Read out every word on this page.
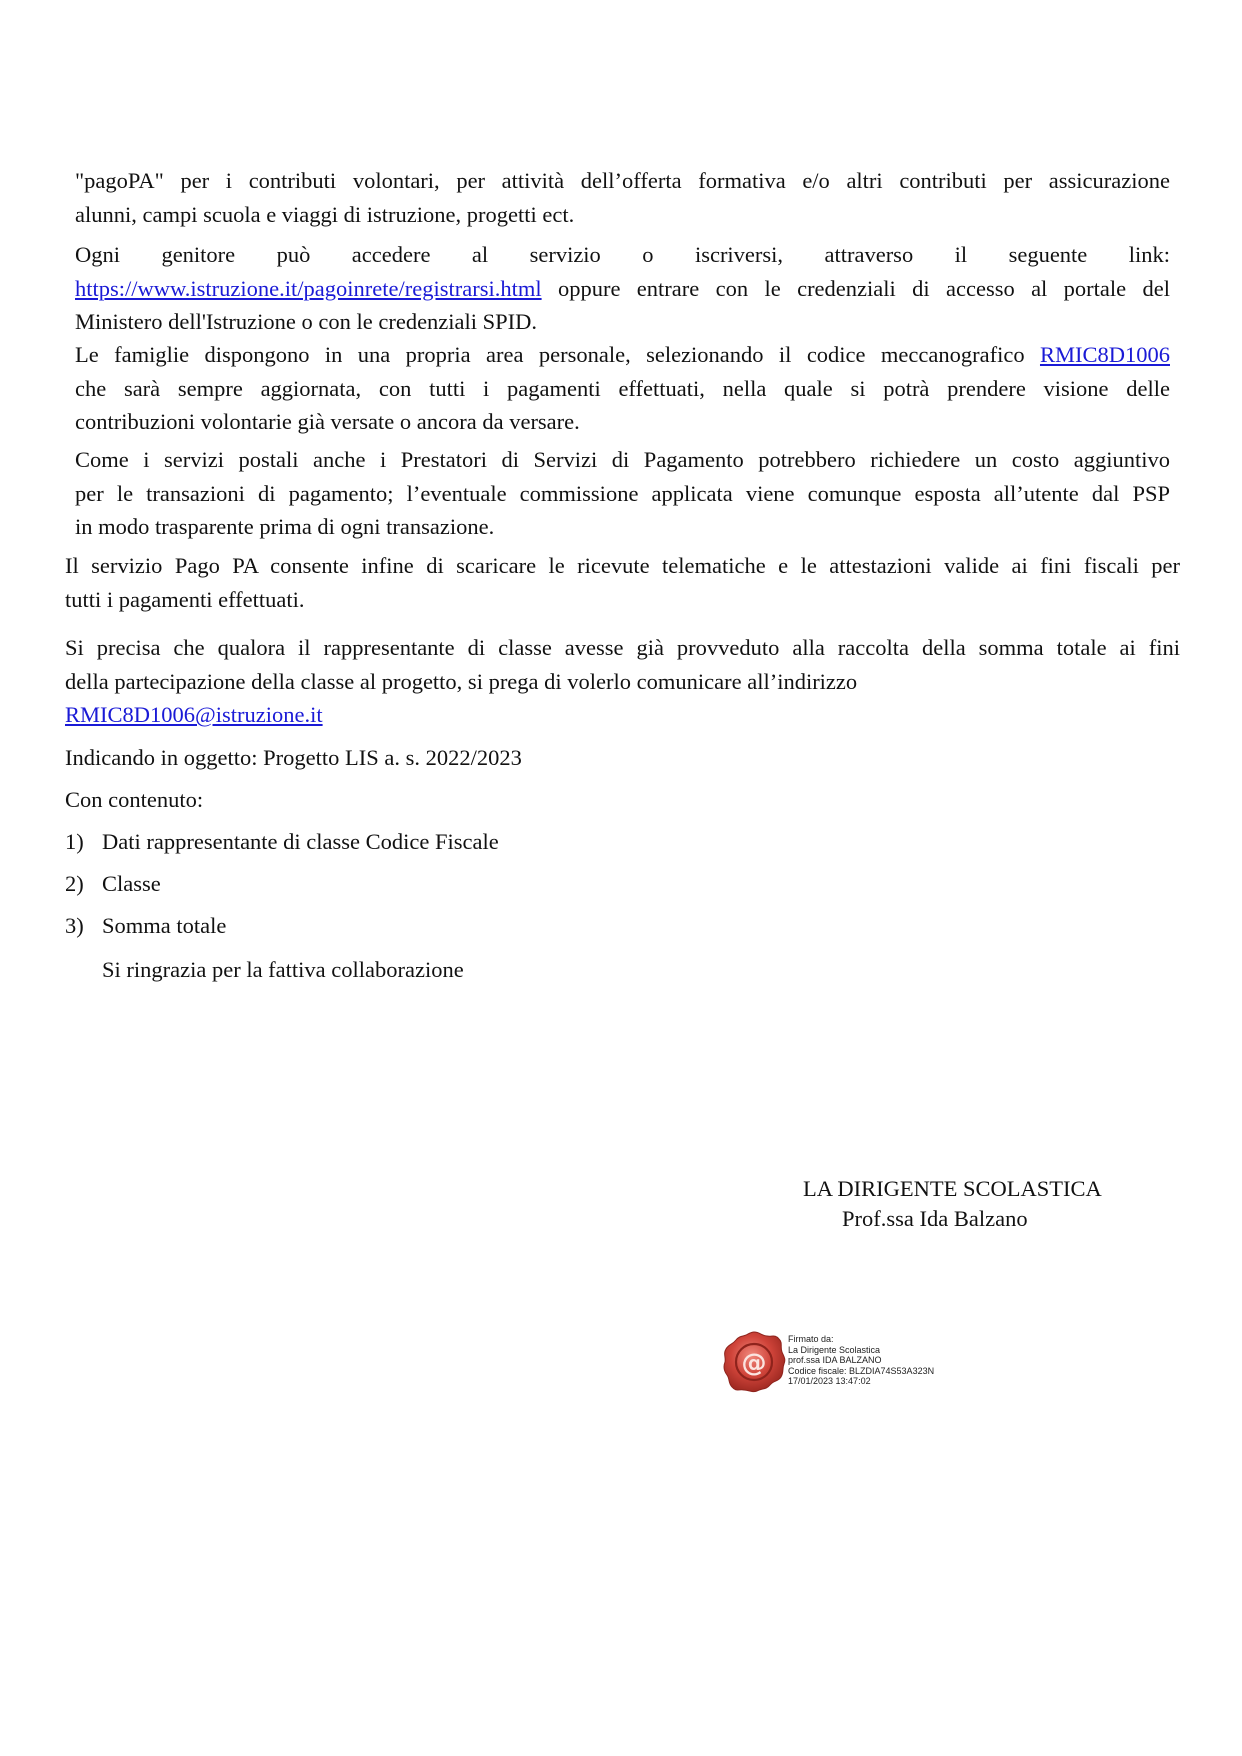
"pagoPA" per i contributi volontari, per attività dell’offerta formativa e/o altri contributi per assicurazione
alunni, campi scuola e viaggi di istruzione, progetti ect.
Ogni genitore può accedere al servizio o iscriversi, attraverso il seguente link:
https://www.istruzione.it/pagoinrete/registrarsi.html oppure entrare con le credenziali di accesso al portale del
Ministero dell'Istruzione o con le credenziali SPID.
Le famiglie dispongono in una propria area personale, selezionando il codice meccanografico RMIC8D1006
che sarà sempre aggiornata, con tutti i pagamenti effettuati, nella quale si potrà prendere visione delle
contribuzioni volontarie già versate o ancora da versare.
Come i servizi postali anche i Prestatori di Servizi di Pagamento potrebbero richiedere un costo aggiuntivo
per le transazioni di pagamento; l’eventuale commissione applicata viene comunque esposta all’utente dal PSP
in modo trasparente prima di ogni transazione.
Il servizio Pago PA consente infine di scaricare le ricevute telematiche e le attestazioni valide ai fini fiscali per
tutti i pagamenti effettuati.
Si precisa che qualora il rappresentante di classe avesse già provveduto alla raccolta della somma totale ai fini
della partecipazione della classe al progetto, si prega di volerlo comunicare all’indirizzo
RMIC8D1006@istruzione.it
Indicando in oggetto: Progetto LIS a. s. 2022/2023
Con contenuto:
1) Dati rappresentante di classe Codice Fiscale
2) Classe
3) Somma totale
Si ringrazia per la fattiva collaborazione
LA DIRIGENTE SCOLASTICA
Prof.ssa Ida Balzano
@
Firmato da:
La Dirigente Scolastica
prof.ssa IDA BALZANO
Codice fiscale: BLZDIA74S53A323N
17/01/2023 13:47:02
